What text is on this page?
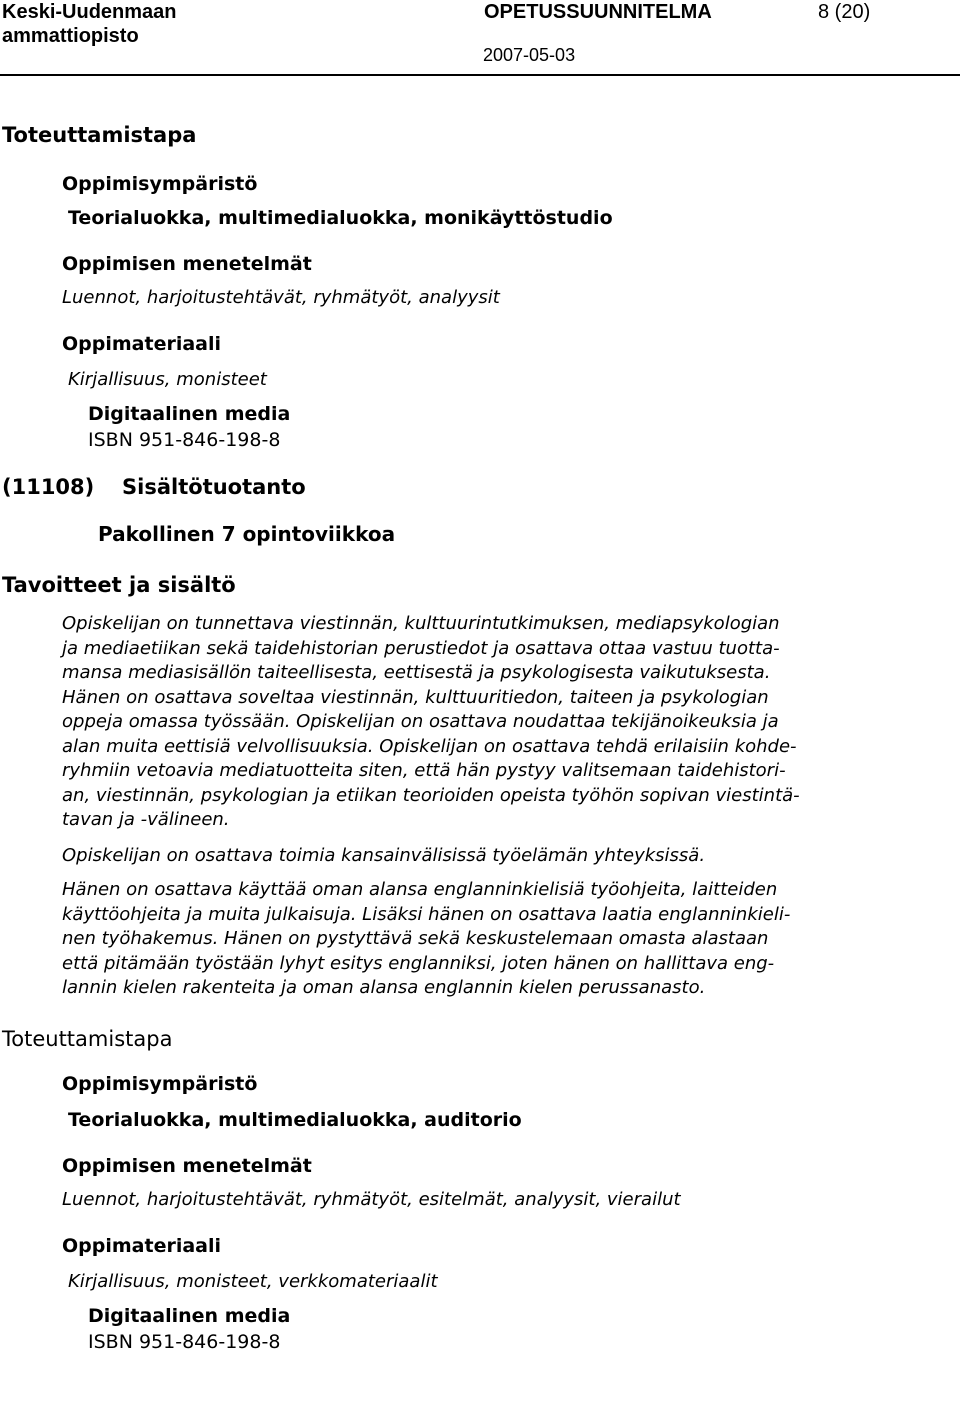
Keski-Uudenmaan
ammattiopisto
OPETUSSUUNNITELMA	8 (20)
2007-05-03
Toteuttamistapa
Oppimisympäristö
Teorialuokka, multimedialuokka, monikäyttöstudio
Oppimisen menetelmät
Luennot, harjoitustehtävät, ryhmätyöt, analyysit
Oppimateriaali
Kirjallisuus, monisteet
Digitaalinen media
ISBN 951-846-198-8
(11108) Sisältötuotanto
Pakollinen 7 opintoviikkoa
Tavoitteet ja sisältö
Opiskelijan on tunnettava viestinnän, kulttuurintutkimuksen, mediapsykologian
ja mediaetiikan sekä taidehistorian perustiedot ja osattava ottaa vastuu tuotta-
mansa mediasisällön taiteellisesta, eettisestä ja psykologisesta vaikutuksesta.
Hänen on osattava soveltaa viestinnän, kulttuuritiedon, taiteen ja psykologian
oppeja omassa työssään. Opiskelijan on osattava noudattaa tekijänoikeuksia ja
alan muita eettisiä velvollisuuksia. Opiskelijan on osattava tehdä erilaisiin kohde-
ryhmiin vetoavia mediatuotteita siten, että hän pystyy valitsemaan taidehistori-
an, viestinnän, psykologian ja etiikan teorioiden opeista työhön sopivan viestintä-
tavan ja -välineen.
Opiskelijan on osattava toimia kansainvälisissä työelämän yhteyksissä.
Hänen on osattava käyttää oman alansa englanninkielisiä työohjeita, laitteiden
käyttöohjeita ja muita julkaisuja. Lisäksi hänen on osattava laatia englanninkieli-
nen työhakemus. Hänen on pystyttävä sekä keskustelemaan omasta alastaan
että pitämään työstään lyhyt esitys englanniksi, joten hänen on hallittava eng-
lannin kielen rakenteita ja oman alansa englannin kielen perussanasto.
Toteuttamistapa
Oppimisympäristö
Teorialuokka, multimedialuokka, auditorio
Oppimisen menetelmät
Luennot, harjoitustehtävät, ryhmätyöt, esitelmät, analyysit, vierailut
Oppimateriaali
Kirjallisuus, monisteet, verkkomateriaalit
Digitaalinen media
ISBN 951-846-198-8
